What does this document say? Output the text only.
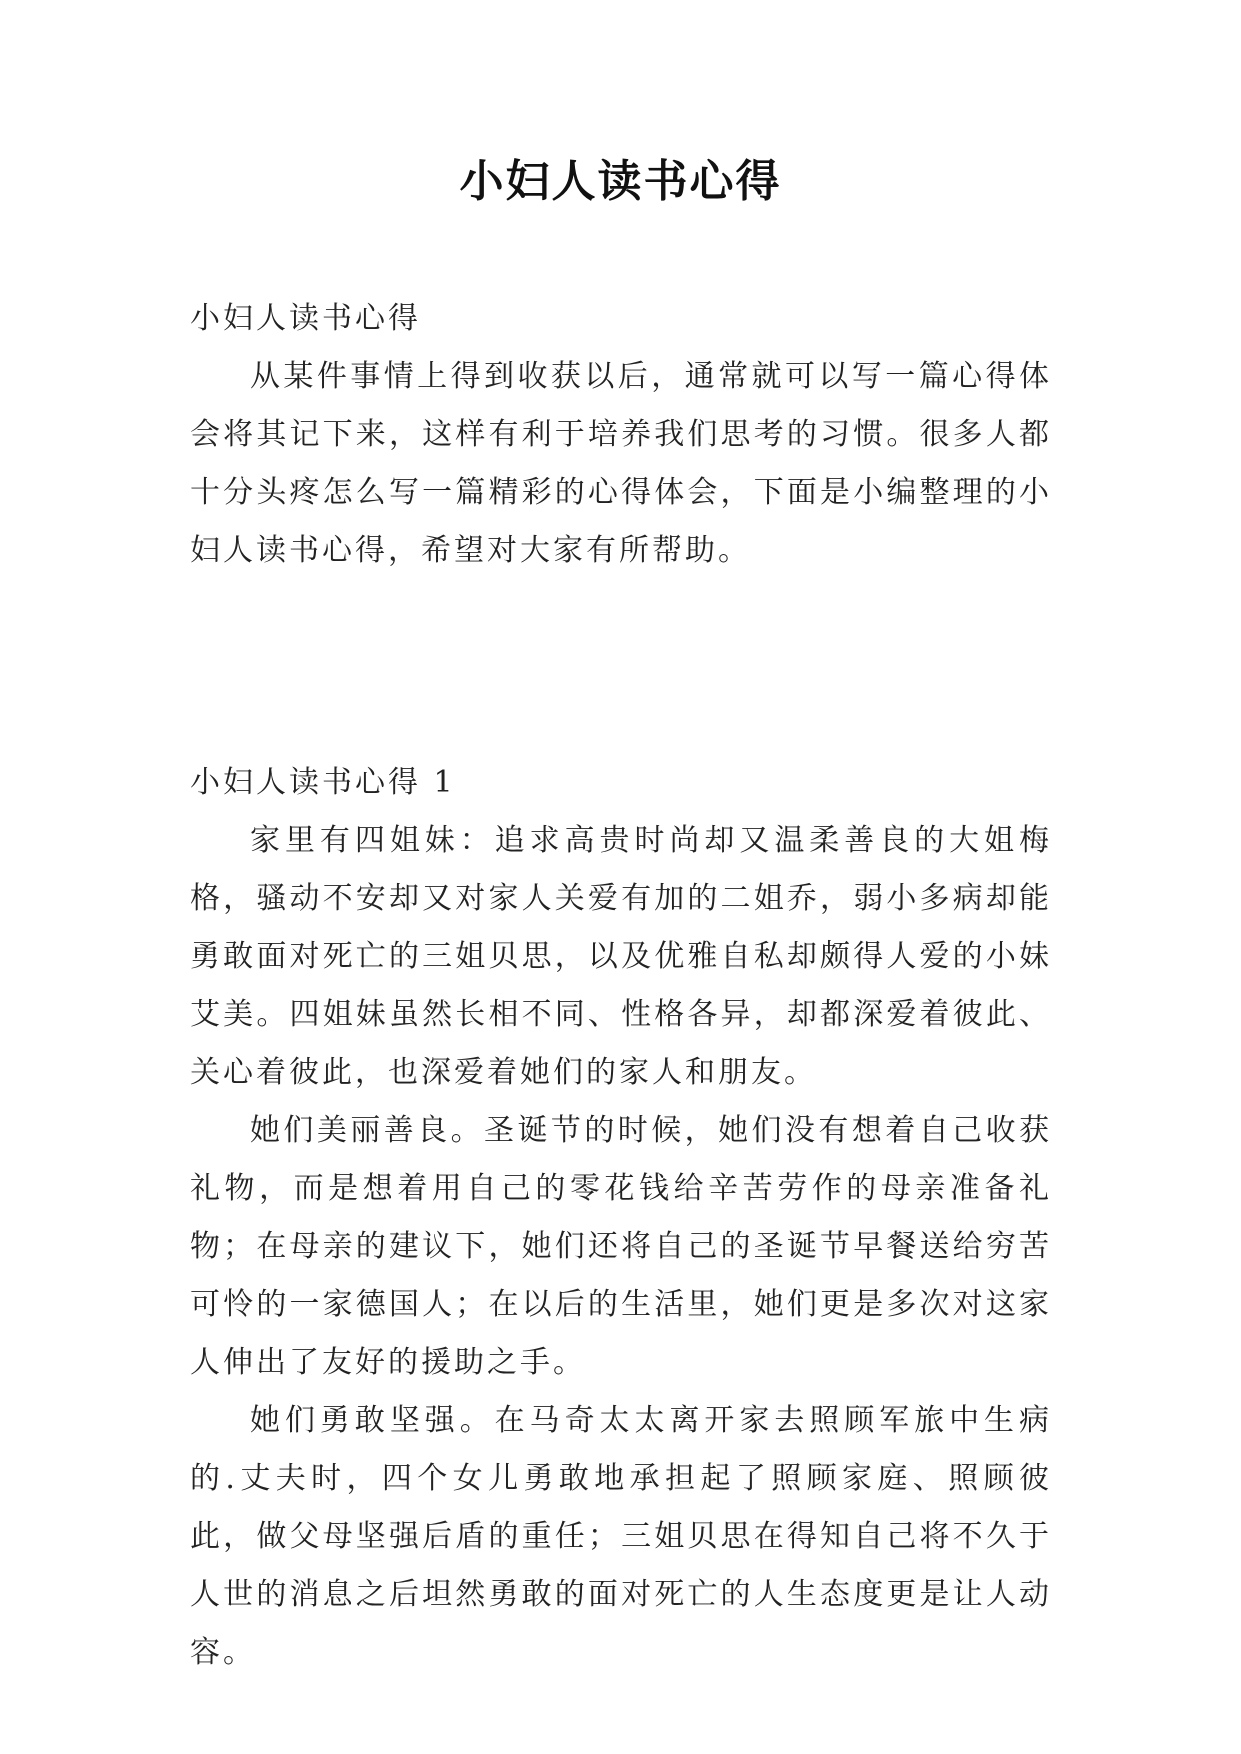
小妇人读书心得

小妇人读书心得

从某件事情上得到收获以后，通常就可以写一篇心得体会将其记下来，这样有利于培养我们思考的习惯。很多人都十分头疼怎么写一篇精彩的心得体会，下面是小编整理的小妇人读书心得，希望对大家有所帮助。

小妇人读书心得 1

家里有四姐妹：追求高贵时尚却又温柔善良的大姐梅格，骚动不安却又对家人关爱有加的二姐乔，弱小多病却能勇敢面对死亡的三姐贝思，以及优雅自私却颇得人爱的小妹艾美。四姐妹虽然长相不同、性格各异，却都深爱着彼此、关心着彼此，也深爱着她们的家人和朋友。

她们美丽善良。圣诞节的时候，她们没有想着自己收获礼物，而是想着用自己的零花钱给辛苦劳作的母亲准备礼物；在母亲的建议下，她们还将自己的圣诞节早餐送给穷苦可怜的一家德国人；在以后的生活里，她们更是多次对这家人伸出了友好的援助之手。

她们勇敢坚强。在马奇太太离开家去照顾军旅中生病的.丈夫时，四个女儿勇敢地承担起了照顾家庭、照顾彼此，做父母坚强后盾的重任；三姐贝思在得知自己将不久于人世的消息之后坦然勇敢的面对死亡的人生态度更是让人动容。
